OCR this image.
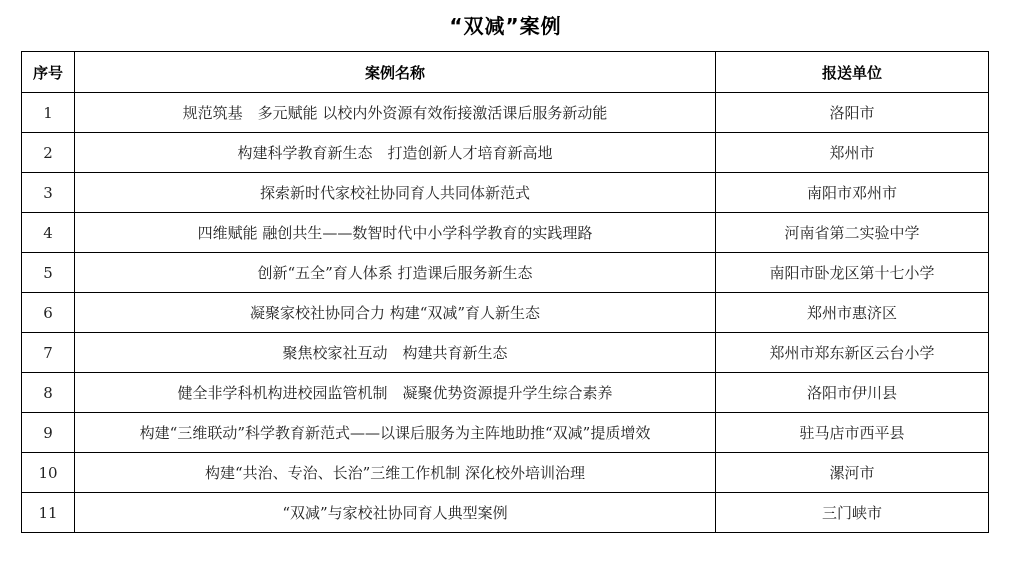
“双减”案例
序号	案例名称	报送单位
1	规范筑基　多元赋能 以校内外资源有效衔接激活课后服务新动能	洛阳市
2	构建科学教育新生态　打造创新人才培育新高地	郑州市
3	探索新时代家校社协同育人共同体新范式	南阳市邓州市
4	四维赋能 融创共生——数智时代中小学科学教育的实践理路	河南省第二实验中学
5	创新“五全”育人体系 打造课后服务新生态	南阳市卧龙区第十七小学
6	凝聚家校社协同合力 构建“双减”育人新生态	郑州市惠济区
7	聚焦校家社互动　构建共育新生态	郑州市郑东新区云台小学
8	健全非学科机构进校园监管机制　凝聚优势资源提升学生综合素养	洛阳市伊川县
9	构建“三维联动”科学教育新范式——以课后服务为主阵地助推“双减”提质增效	驻马店市西平县
10	构建“共治、专治、长治”三维工作机制 深化校外培训治理	漯河市
11	“双减”与家校社协同育人典型案例	三门峡市
